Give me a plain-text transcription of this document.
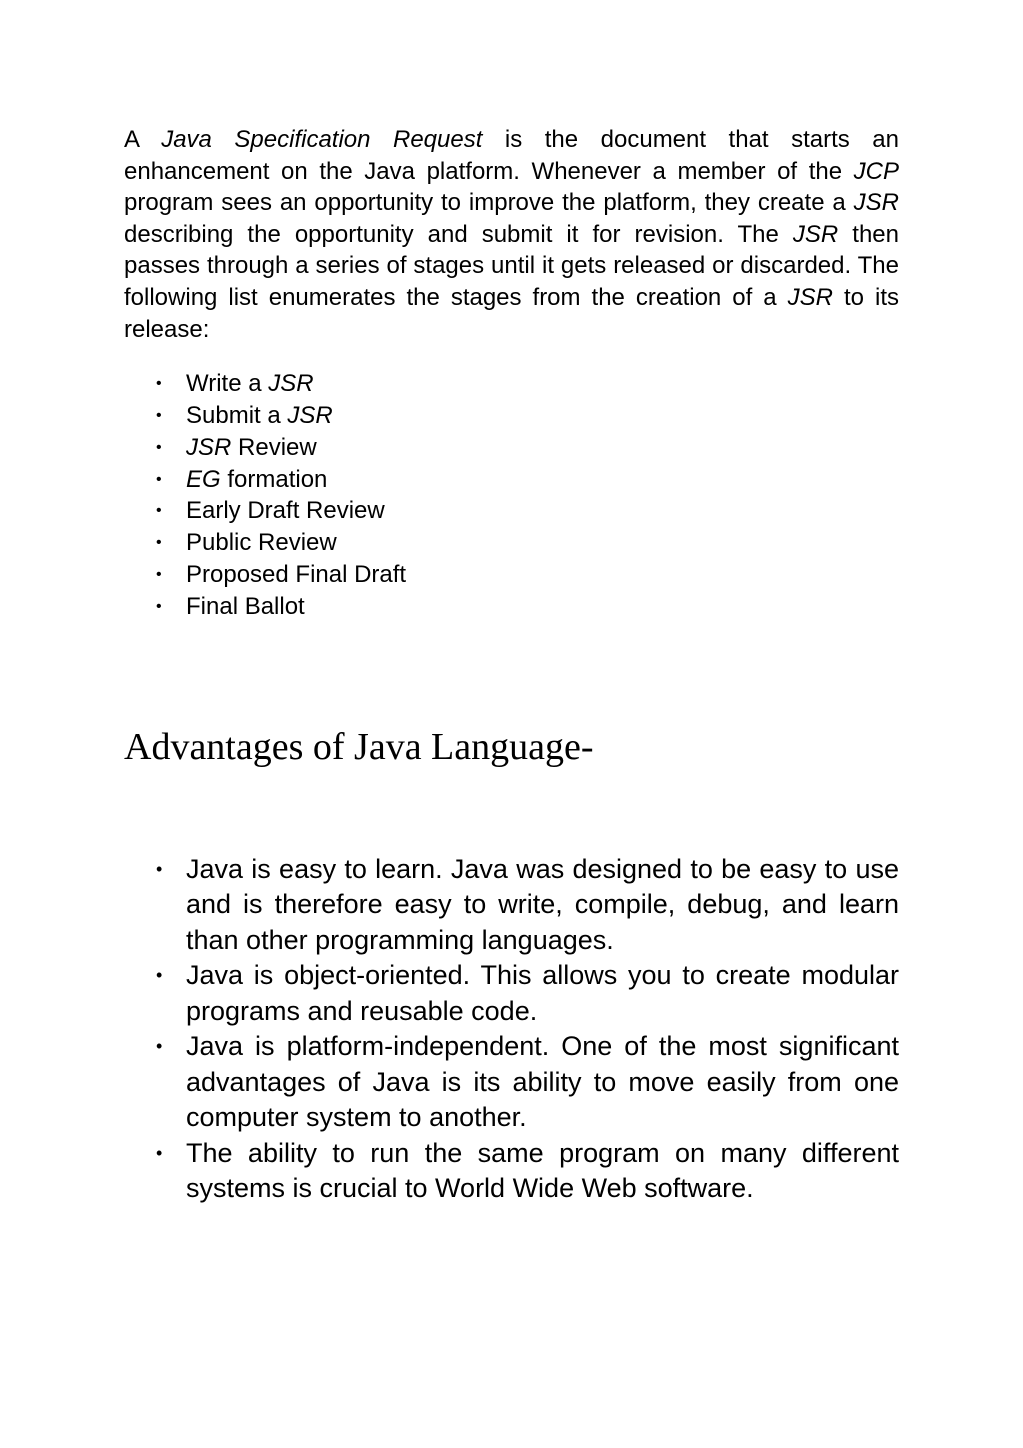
A Java Specification Request is the document that starts an enhancement on the Java platform. Whenever a member of the JCP program sees an opportunity to improve the platform, they create a JSR describing the opportunity and submit it for revision. The JSR then passes through a series of stages until it gets released or discarded. The following list enumerates the stages from the creation of a JSR to its release:

• Write a JSR
• Submit a JSR
• JSR Review
• EG formation
• Early Draft Review
• Public Review
• Proposed Final Draft
• Final Ballot
Advantages of Java Language-
• Java is easy to learn. Java was designed to be easy to use and is therefore easy to write, compile, debug, and learn than other programming languages.
• Java is object-oriented. This allows you to create modular programs and reusable code.
• Java is platform-independent. One of the most significant advantages of Java is its ability to move easily from one computer system to another.
• The ability to run the same program on many different systems is crucial to World Wide Web software.
